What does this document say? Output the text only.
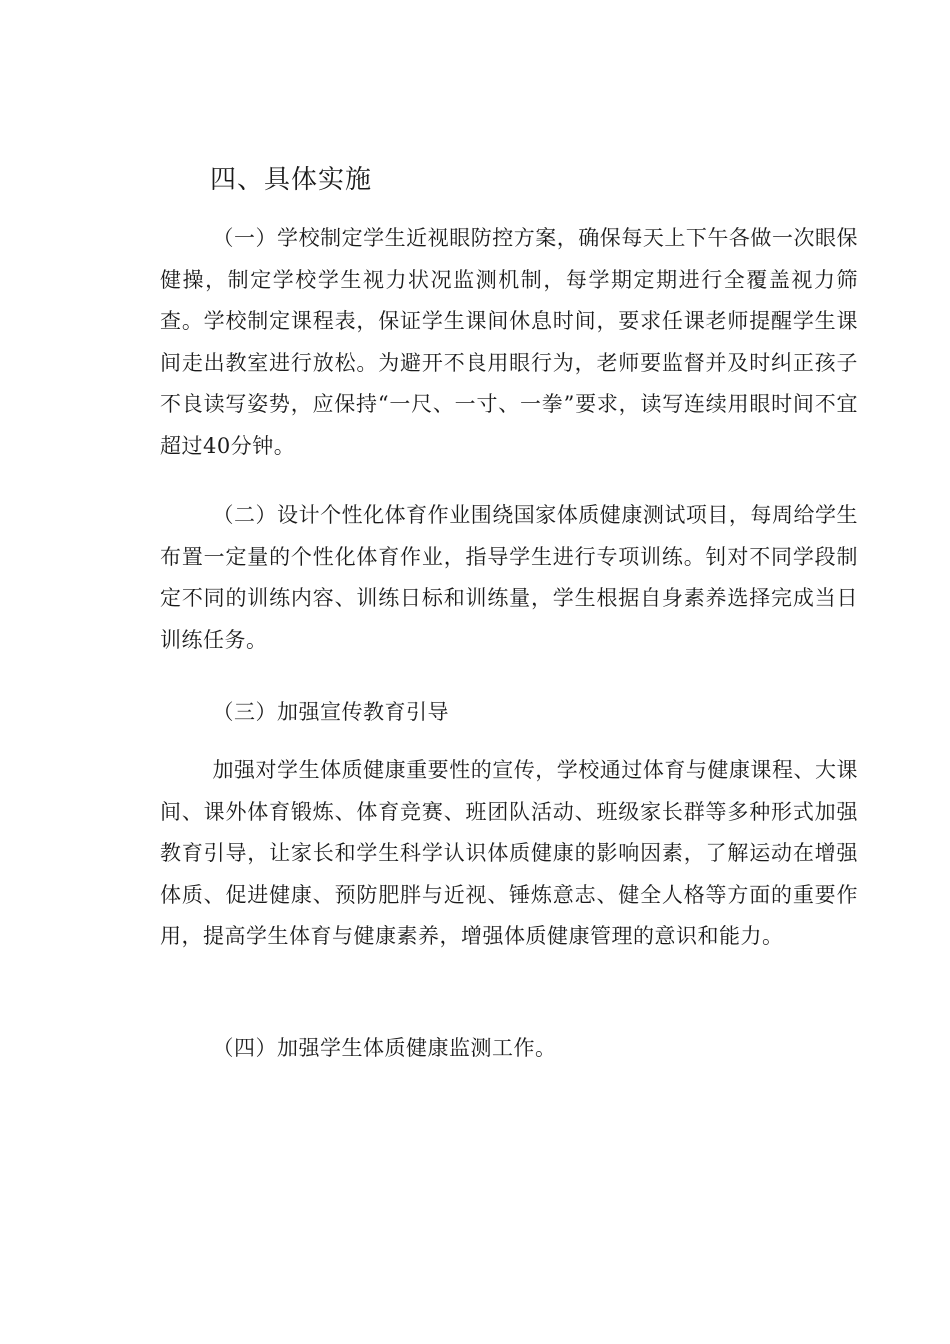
四、具体实施

（一）学校制定学生近视眼防控方案，确保每天上下午各做一次眼保健操，制定学校学生视力状况监测机制，每学期定期进行全覆盖视力筛查。学校制定课程表，保证学生课间休息时间，要求任课老师提醒学生课间走出教室进行放松。为避开不良用眼行为，老师要监督并及时纠正孩子不良读写姿势，应保持“一尺、一寸、一拳”要求，读写连续用眼时间不宜超过40分钟。

（二）设计个性化体育作业围绕国家体质健康测试项目，每周给学生布置一定量的个性化体育作业，指导学生进行专项训练。钊对不同学段制定不同的训练内容、训练日标和训练量，学生根据自身素养选择完成当日训练任务。

（三）加强宣传教育引导

加强对学生体质健康重要性的宣传，学校通过体育与健康课程、大课间、课外体育锻炼、体育竞赛、班团队活动、班级家长群等多种形式加强教育引导，让家长和学生科学认识体质健康的影响因素，了解运动在增强体质、促进健康、预防肥胖与近视、锤炼意志、健全人格等方面的重要作用，提高学生体育与健康素养，增强体质健康管理的意识和能力。

（四）加强学生体质健康监测工作。
